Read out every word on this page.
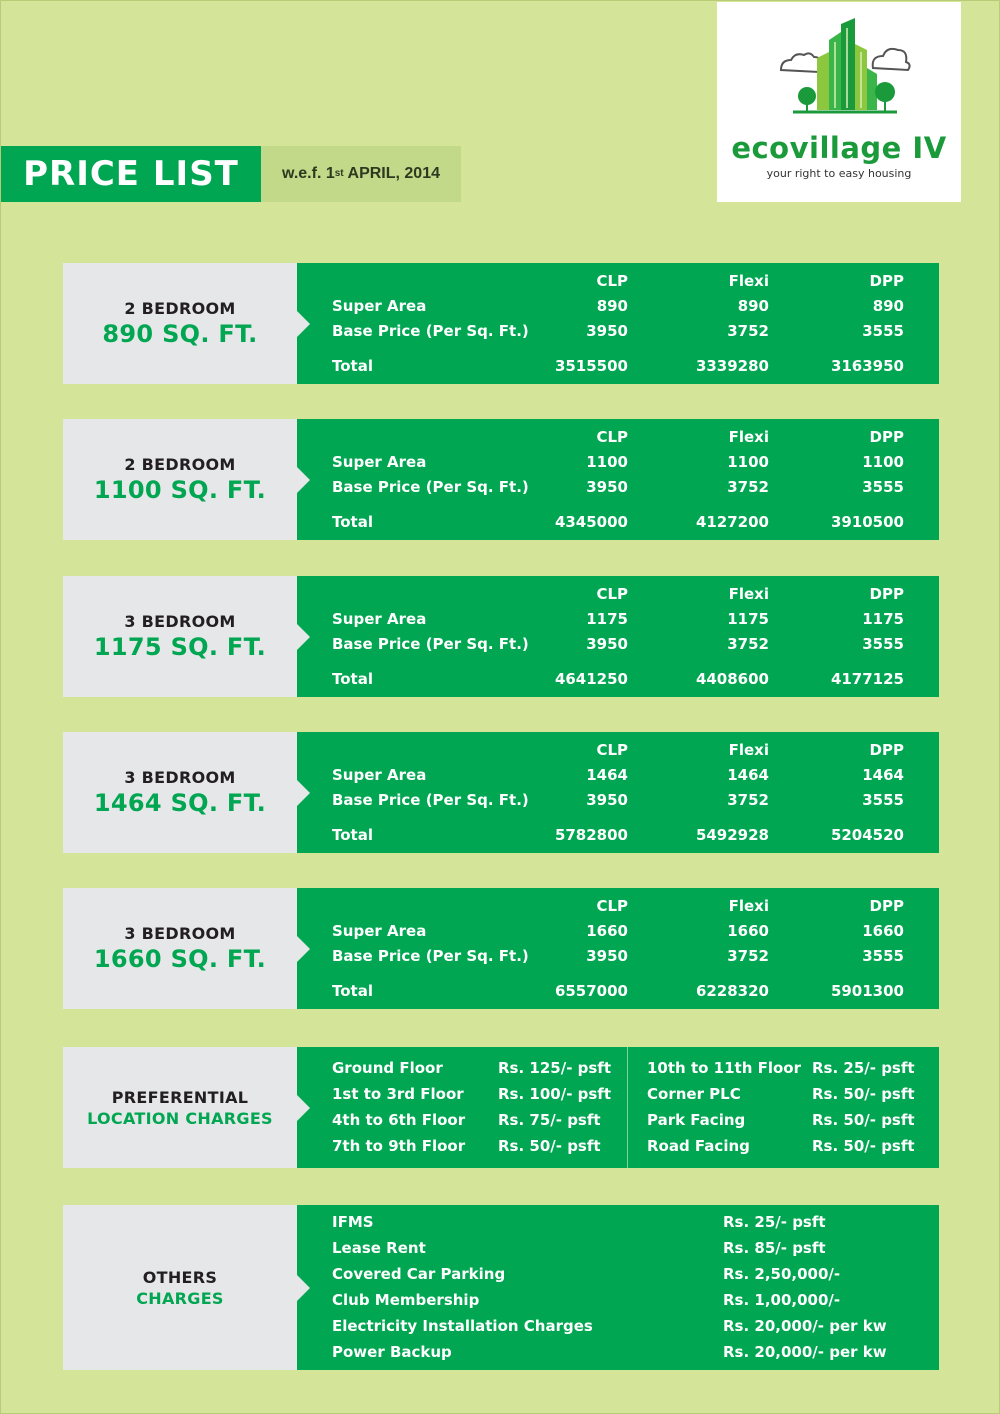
PRICE LIST	w.e.f. 1 st APRIL, 2014
ecovillage IV
your right to easy housing
2 BEDROOM
890 SQ. FT.
CLP	Flexi	DPP
Super Area	890	890	890
Base Price (Per Sq. Ft.)	3950	3752	3555
Total	3515500	3339280	3163950
2 BEDROOM
1100 SQ. FT.
CLP	Flexi	DPP
Super Area	1100	1100	1100
Base Price (Per Sq. Ft.)	3950	3752	3555
Total	4345000	4127200	3910500
3 BEDROOM
1175 SQ. FT.
CLP	Flexi	DPP
Super Area	1175	1175	1175
Base Price (Per Sq. Ft.)	3950	3752	3555
Total	4641250	4408600	4177125
3 BEDROOM
1464 SQ. FT.
CLP	Flexi	DPP
Super Area	1464	1464	1464
Base Price (Per Sq. Ft.)	3950	3752	3555
Total	5782800	5492928	5204520
3 BEDROOM
1660 SQ. FT.
CLP	Flexi	DPP
Super Area	1660	1660	1660
Base Price (Per Sq. Ft.)	3950	3752	3555
Total	6557000	6228320	5901300
PREFERENTIAL
LOCATION CHARGES
Ground Floor	Rs. 125/- psft
1st to 3rd Floor Rs. 100/- psft
4th to 6th Floor Rs. 75/- psft
7th to 9th Floor Rs. 50/- psft
10th to 11th Floor Rs. 25/- psft
Corner PLC	Rs. 50/- psft
Park Facing	Rs. 50/- psft
Road Facing	Rs. 50/- psft
OTHERS
CHARGES
IFMS	Rs. 25/- psft
Lease Rent	Rs. 85/- psft
Covered Car Parking	Rs. 2,50,000/-
Club Membership	Rs. 1,00,000/-
Electricity Installation Charges	Rs. 20,000/- per kw
Power Backup	Rs. 20,000/- per kw
